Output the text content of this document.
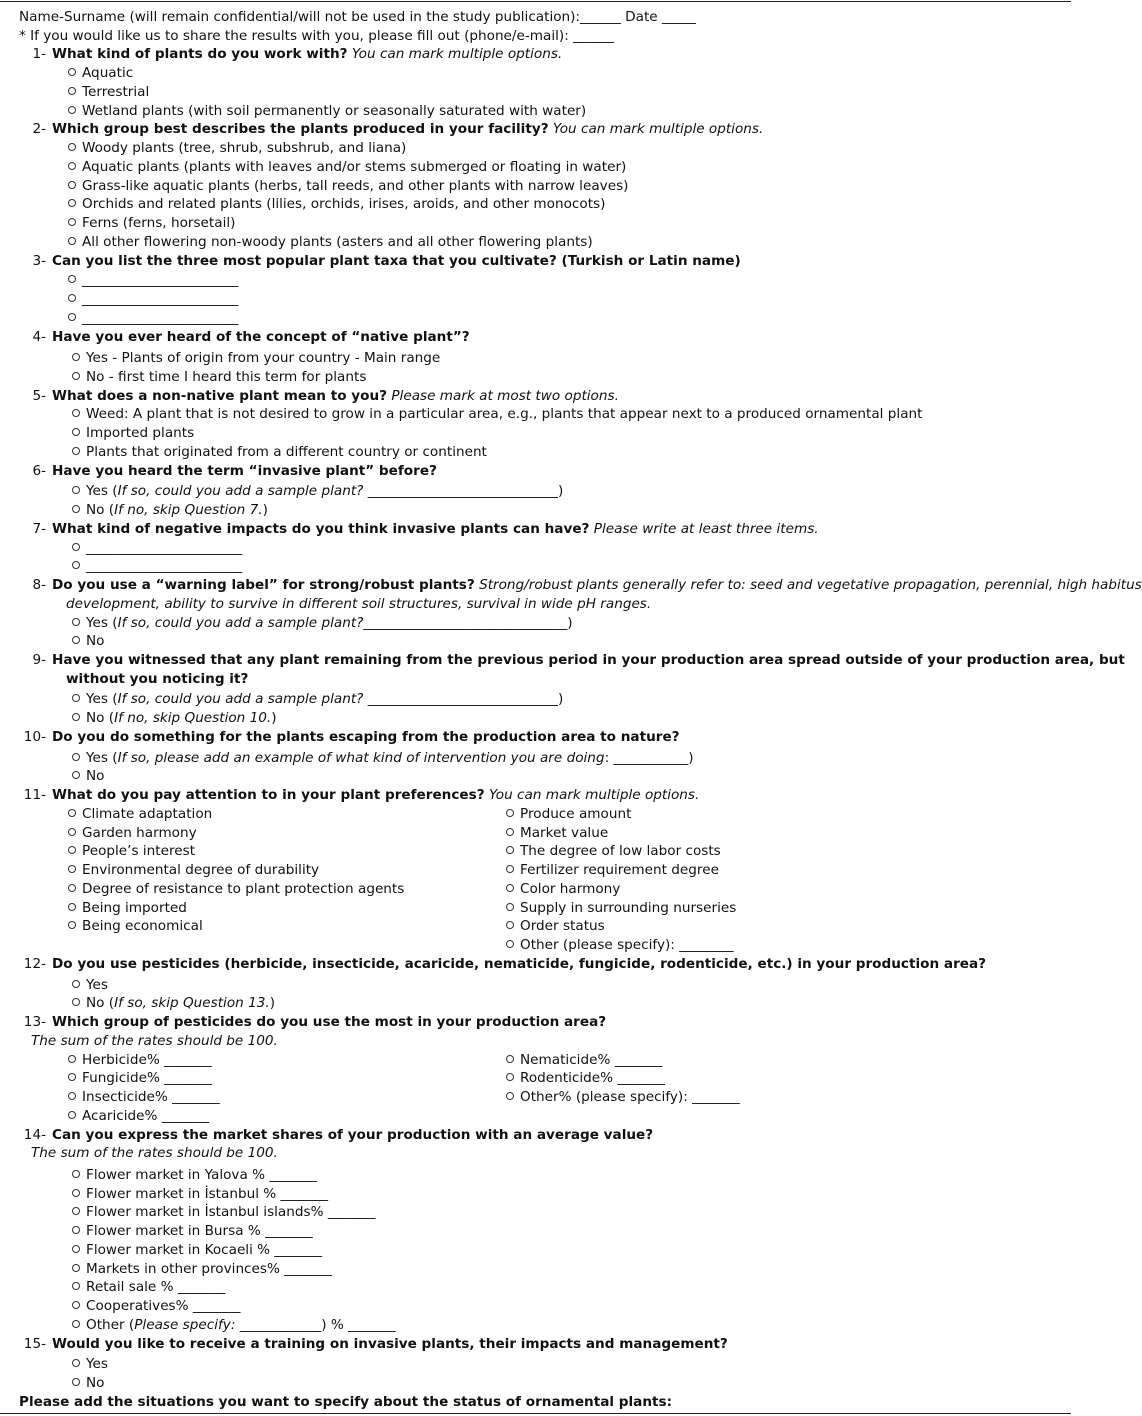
Name-Surname (will remain confidential/will not be used in the study publication):______ Date _____
* If you would like us to share the results with you, please fill out (phone/e-mail): ______
1- What kind of plants do you work with? You can mark multiple options.
Aquatic
Terrestrial
Wetland plants (with soil permanently or seasonally saturated with water)
2- Which group best describes the plants produced in your facility? You can mark multiple options.
Woody plants (tree, shrub, subshrub, and liana)
Aquatic plants (plants with leaves and/or stems submerged or floating in water)
Grass-like aquatic plants (herbs, tall reeds, and other plants with narrow leaves)
Orchids and related plants (lilies, orchids, irises, aroids, and other monocots)
Ferns (ferns, horsetail)
All other flowering non-woody plants (asters and all other flowering plants)
3- Can you list the three most popular plant taxa that you cultivate? (Turkish or Latin name)
_______________________
_______________________
_______________________
4- Have you ever heard of the concept of “native plant”?
Yes - Plants of origin from your country - Main range
No - first time I heard this term for plants
5- What does a non-native plant mean to you? Please mark at most two options.
Weed: A plant that is not desired to grow in a particular area, e.g., plants that appear next to a produced ornamental plant
Imported plants
Plants that originated from a different country or continent
6- Have you heard the term “invasive plant” before?
Yes (If so, could you add a sample plant? ____________________________)
No (If no, skip Question 7.)
7- What kind of negative impacts do you think invasive plants can have? Please write at least three items.
_______________________
_______________________
8- Do you use a “warning label” for strong/robust plants? Strong/robust plants generally refer to: seed and vegetative propagation, perennial, high habitus
development, ability to survive in different soil structures, survival in wide pH ranges.
Yes (If so, could you add a sample plant?______________________________)
No
9- Have you witnessed that any plant remaining from the previous period in your production area spread outside of your production area, but
without you noticing it?
Yes (If so, could you add a sample plant? ____________________________)
No (If no, skip Question 10.)
10- Do you do something for the plants escaping from the production area to nature?
Yes (If so, please add an example of what kind of intervention you are doing: ___________)
No
11- What do you pay attention to in your plant preferences? You can mark multiple options.
Climate adaptation
Garden harmony
People’s interest
Environmental degree of durability
Degree of resistance to plant protection agents
Being imported
Being economical
Produce amount
Market value
The degree of low labor costs
Fertilizer requirement degree
Color harmony
Supply in surrounding nurseries
Order status
Other (please specify): ________
12- Do you use pesticides (herbicide, insecticide, acaricide, nematicide, fungicide, rodenticide, etc.) in your production area?
Yes
No (If so, skip Question 13.)
13- Which group of pesticides do you use the most in your production area?
The sum of the rates should be 100.
Herbicide% _______
Fungicide% _______
Insecticide% _______
Acaricide% _______
Nematicide% _______
Rodenticide% _______
Other% (please specify): _______
14- Can you express the market shares of your production with an average value?
The sum of the rates should be 100.
Flower market in Yalova % _______
Flower market in İstanbul % _______
Flower market in İstanbul islands% _______
Flower market in Bursa % _______
Flower market in Kocaeli % _______
Markets in other provinces% _______
Retail sale % _______
Cooperatives% _______
Other (Please specify: ____________) % _______
15- Would you like to receive a training on invasive plants, their impacts and management?
Yes
No
Please add the situations you want to specify about the status of ornamental plants:
